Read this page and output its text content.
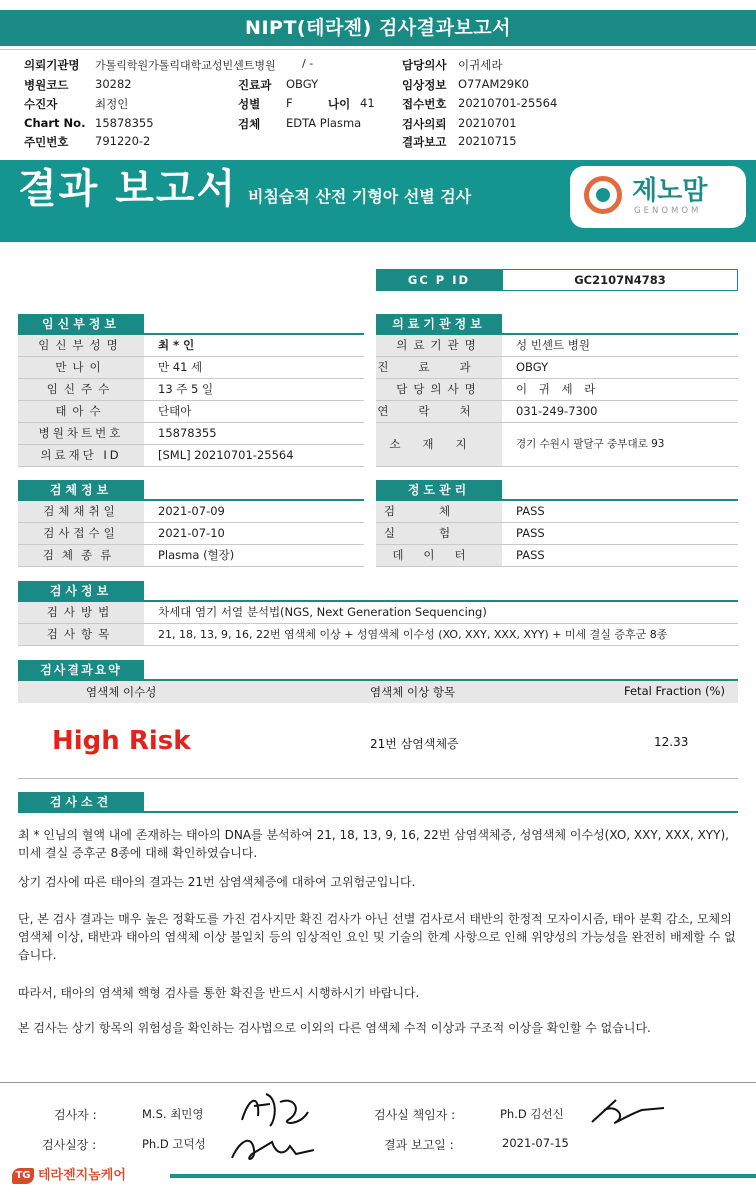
NIPT(테라젠) 검사결과보고서
의뢰기관명 가톨릭학원가톨릭대학교성빈센트병원 / -	담당의사 이귀세라
병원코드 30282	진료과 OBGY	임상정보 O77AM29K0
수진자	최정인	성별 F	나이 41 접수번호 20210701-25564
Chart No. 15878355	검체 EDTA Plasma	검사의뢰 20210701
주민번호 791220-2	결과보고 20210715
결과 보고서 비침습적 산전 기형아 선별 검사	제노맘
GENOMOM
GC P ID	GC2107N4783
임신부정보
임신부성명	최 * 인
만나이	만 41 세
임신주수	13 주 5 일
태아수	단태아
병원차트번호	15878355
의료재단 ID	[SML] 20210701-25564
의료기관정보
의료기관명	성 빈센트 병원
진료과	OBGY
담당의사명	이 귀 세 라
연락처	031-249-7300
소재지	경기 수원시 팔달구 중부대로 93
검체정보
검체채취일	2021-07-09
검사접수일	2021-07-10
검체종류	Plasma (혈장)
정도관리
검체	PASS
실험	PASS
데이터	PASS
검사정보
검사방법	차세대 염기 서열 분석법(NGS, Next Generation Sequencing)
검사항목	21, 18, 13, 9, 16, 22번 염색체 이상 + 성염색체 이수성 (XO, XXY, XXX, XYY) + 미세 결실 증후군 8종
검사결과요약
염색체 이수성	염색체 이상 항목	Fetal Fraction (%)
High Risk	21번 삼염색체증	12.33
검사소견
최 * 인님의 혈액 내에 존재하는 태아의 DNA를 분석하여 21, 18, 13, 9, 16, 22번 삼염색체증, 성염색체 이수성(XO, XXY, XXX, XYY), 미세 결실 증후군 8종에 대해 확인하였습니다.
상기 검사에 따른 태아의 결과는 21번 삼염색체증에 대하여 고위험군입니다.
단, 본 검사 결과는 매우 높은 정확도를 가진 검사지만 확진 검사가 아닌 선별 검사로서 태반의 한정적 모자이시즘, 태아 분획 감소, 모체의 염색체 이상, 태반과 태아의 염색체 이상 불일치 등의 임상적인 요인 및 기술의 한계 사항으로 인해 위양성의 가능성을 완전히 배제할 수 없습니다.
따라서, 태아의 염색체 핵형 검사를 통한 확진을 반드시 시행하시기 바랍니다.
본 검사는 상기 항목의 위험성을 확인하는 검사법으로 이외의 다른 염색체 수적 이상과 구조적 이상을 확인할 수 없습니다.
검사자 :	M.S. 최민영	검사실 책임자 :	Ph.D 김선신
검사실장 :	Ph.D 고덕성	결과 보고일 :	2021-07-15
TG 테라젠지놈케어
